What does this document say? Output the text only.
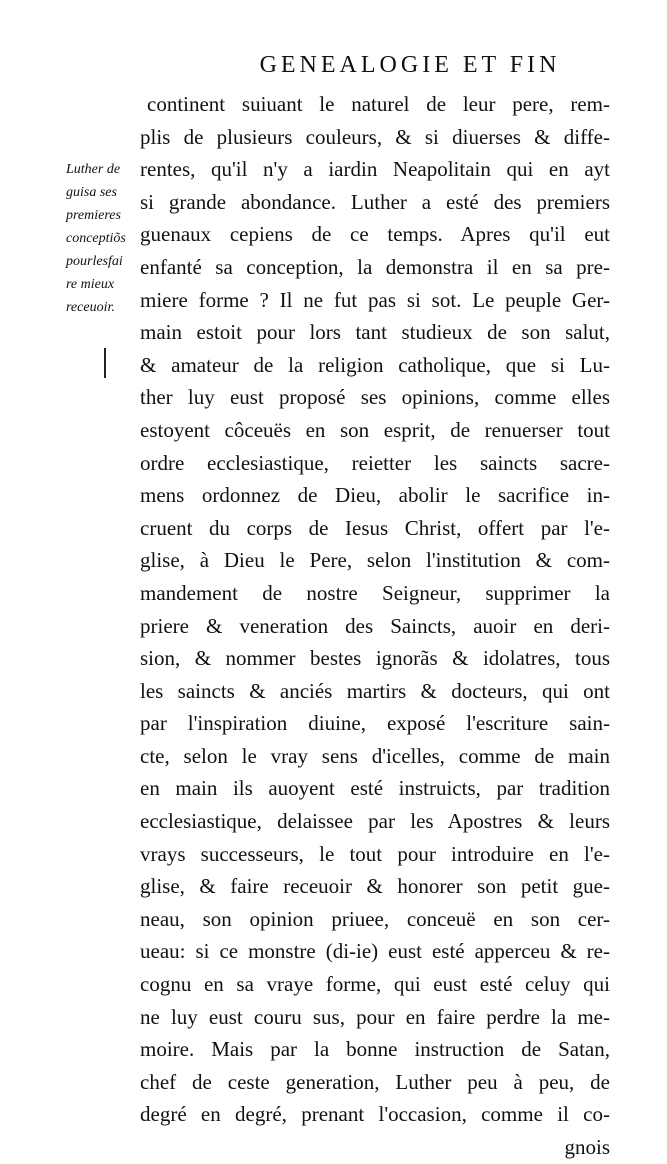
GENEALOGIE ET FIN
Luther de
guisa ses
premieres
conceptiõs
pourlesfai
re mieux
receuoir.
continent suiuant le naturel de leur pere, rem-
plis de plusieurs couleurs, & si diuerses & diffe-
rentes, qu'il n'y a iardin Neapolitain qui en ayt
si grande abondance. Luther a esté des premiers
guenaux cepiens de ce temps. Apres qu'il eut
enfanté sa conception, la demonstra il en sa pre-
miere forme ? Il ne fut pas si sot. Le peuple Ger-
main estoit pour lors tant studieux de son salut,
& amateur de la religion catholique, que si Lu-
ther luy eust proposé ses opinions, comme elles
estoyent côceuës en son esprit, de renuerser tout
ordre ecclesiastique, reietter les saincts sacre-
mens ordonnez de Dieu, abolir le sacrifice in-
cruent du corps de Iesus Christ, offert par l'e-
glise, à Dieu le Pere, selon l'institution & com-
mandement de nostre Seigneur, supprimer la
priere & veneration des Saincts, auoir en deri-
sion, & nommer bestes ignorãs & idolatres, tous
les saincts & anciés martirs & docteurs, qui ont
par l'inspiration diuine, exposé l'escriture sain-
cte, selon le vray sens d'icelles, comme de main
en main ils auoyent esté instruicts, par tradition
ecclesiastique, delaissee par les Apostres & leurs
vrays successeurs, le tout pour introduire en l'e-
glise, & faire receuoir & honorer son petit gue-
neau, son opinion priuee, conceuë en son cer-
ueau: si ce monstre (di-ie) eust esté apperceu & re-
cognu en sa vraye forme, qui eust esté celuy qui
ne luy eust couru sus, pour en faire perdre la me-
moire. Mais par la bonne instruction de Satan,
chef de ceste generation, Luther peu à peu, de
degré en degré, prenant l'occasion, comme il co-
gnois
